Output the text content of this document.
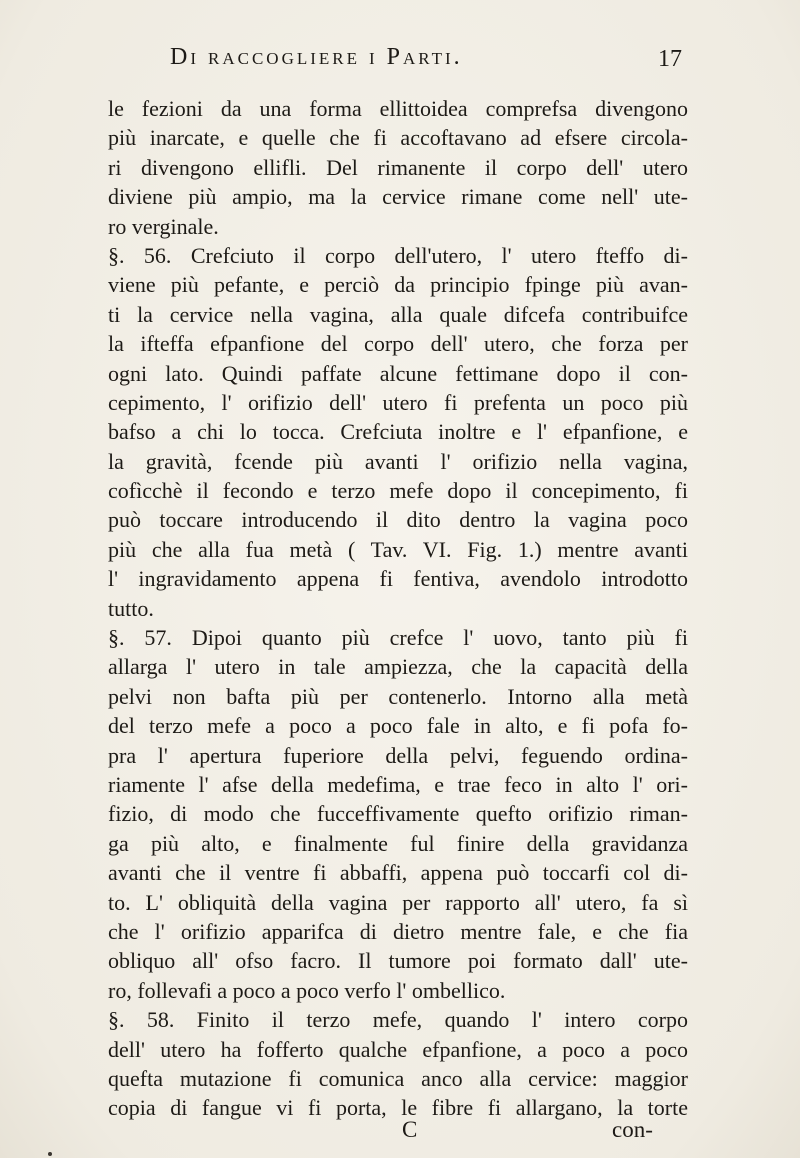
Di raccogliere i Parti.	17
le fezioni da una forma ellittoidea comprefsa divengono
più inarcate, e quelle che fi accoftavano ad efsere circola-
ri divengono ellifli. Del rimanente il corpo dell' utero
diviene più ampio, ma la cervice rimane come nell' ute-
ro verginale.
§. 56. Crefciuto il corpo dell'utero, l' utero fteffo di-
viene più pefante, e perciò da principio fpinge più avan-
ti la cervice nella vagina, alla quale difcefa contribuifce
la ifteffa efpanfione del corpo dell' utero, che forza per
ogni lato. Quindi paffate alcune fettimane dopo il con-
cepimento, l' orifizio dell' utero fi prefenta un poco più
bafso a chi lo tocca. Crefciuta inoltre e l' efpanfione, e
la gravità, fcende più avanti l' orifizio nella vagina,
cofìcchè il fecondo e terzo mefe dopo il concepimento, fi
può toccare introducendo il dito dentro la vagina poco
più che alla fua metà ( Tav. VI. Fig. 1.) mentre avanti
l' ingravidamento appena fi fentiva, avendolo introdotto
tutto.
§. 57. Dipoi quanto più crefce l' uovo, tanto più fi
allarga l' utero in tale ampiezza, che la capacità della
pelvi non bafta più per contenerlo. Intorno alla metà
del terzo mefe a poco a poco fale in alto, e fi pofa fo-
pra l' apertura fuperiore della pelvi, feguendo ordina-
riamente l' afse della medefima, e trae feco in alto l' ori-
fizio, di modo che fucceffivamente quefto orifizio riman-
ga più alto, e finalmente ful finire della gravidanza
avanti che il ventre fi abbaffi, appena può toccarfi col di-
to. L' obliquità della vagina per rapporto all' utero, fa sì
che l' orifizio apparifca di dietro mentre fale, e che fia
obliquo all' ofso facro. Il tumore poi formato dall' ute-
ro, follevafi a poco a poco verfo l' ombellico.
§. 58. Finito il terzo mefe, quando l' intero corpo
dell' utero ha fofferto qualche efpanfione, a poco a poco
quefta mutazione fi comunica anco alla cervice: maggior
copia di fangue vi fi porta, le fibre fi allargano, la torte
C	con-
